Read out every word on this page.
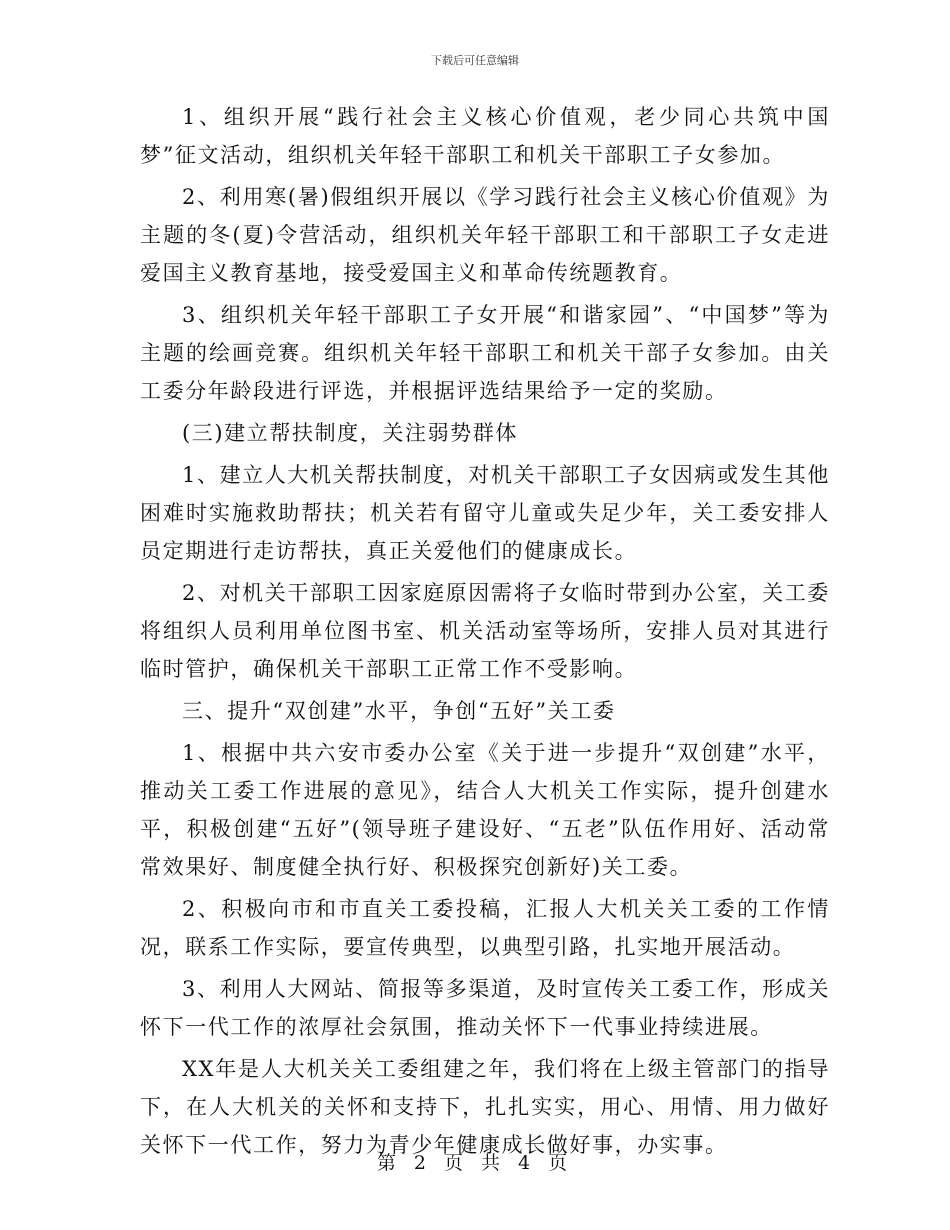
下载后可任意编辑

1、组织开展“践行社会主义核心价值观，老少同心共筑中国梦”征文活动，组织机关年轻干部职工和机关干部职工子女参加。

2、利用寒(暑)假组织开展以《学习践行社会主义核心价值观》为主题的冬(夏)令营活动，组织机关年轻干部职工和干部职工子女走进爱国主义教育基地，接受爱国主义和革命传统题教育。

3、组织机关年轻干部职工子女开展“和谐家园”、“中国梦”等为主题的绘画竞赛。组织机关年轻干部职工和机关干部子女参加。由关工委分年龄段进行评选，并根据评选结果给予一定的奖励。

(三)建立帮扶制度，关注弱势群体

1、建立人大机关帮扶制度，对机关干部职工子女因病或发生其他困难时实施救助帮扶；机关若有留守儿童或失足少年，关工委安排人员定期进行走访帮扶，真正关爱他们的健康成长。

2、对机关干部职工因家庭原因需将子女临时带到办公室，关工委将组织人员利用单位图书室、机关活动室等场所，安排人员对其进行临时管护，确保机关干部职工正常工作不受影响。

三、提升“双创建”水平，争创“五好”关工委

1、根据中共六安市委办公室《关于进一步提升“双创建”水平，推动关工委工作进展的意见》，结合人大机关工作实际，提升创建水平，积极创建“五好”(领导班子建设好、“五老”队伍作用好、活动常常效果好、制度健全执行好、积极探究创新好)关工委。

2、积极向市和市直关工委投稿，汇报人大机关关工委的工作情况，联系工作实际，要宣传典型，以典型引路，扎实地开展活动。

3、利用人大网站、简报等多渠道，及时宣传关工委工作，形成关怀下一代工作的浓厚社会氛围，推动关怀下一代事业持续进展。

XX年是人大机关关工委组建之年，我们将在上级主管部门的指导下，在人大机关的关怀和支持下，扎扎实实，用心、用情、用力做好关怀下一代工作，努力为青少年健康成长做好事，办实事。

第 2 页 共 4 页
